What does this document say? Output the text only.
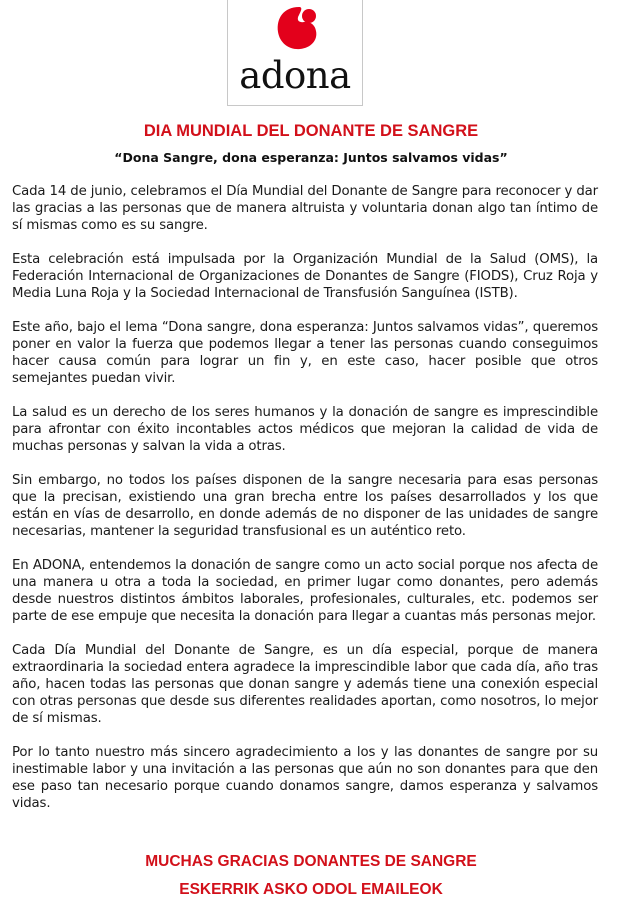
adona
DIA MUNDIAL DEL DONANTE DE SANGRE
“Dona Sangre, dona esperanza: Juntos salvamos vidas”

Cada 14 de junio, celebramos el Día Mundial del Donante de Sangre para reconocer y dar las gracias a las personas que de manera altruista y voluntaria donan algo tan íntimo de sí mismas como es su sangre.

Esta celebración está impulsada por la Organización Mundial de la Salud (OMS), la Federación Internacional de Organizaciones de Donantes de Sangre (FIODS), Cruz Roja y Media Luna Roja y la Sociedad Internacional de Transfusión Sanguínea (ISTB).

Este año, bajo el lema “Dona sangre, dona esperanza: Juntos salvamos vidas”, queremos poner en valor la fuerza que podemos llegar a tener las personas cuando conseguimos hacer causa común para lograr un fin y, en este caso, hacer posible que otros semejantes puedan vivir.

La salud es un derecho de los seres humanos y la donación de sangre es imprescindible para afrontar con éxito incontables actos médicos que mejoran la calidad de vida de muchas personas y salvan la vida a otras.

Sin embargo, no todos los países disponen de la sangre necesaria para esas personas que la precisan, existiendo una gran brecha entre los países desarrollados y los que están en vías de desarrollo, en donde además de no disponer de las unidades de sangre necesarias, mantener la seguridad transfusional es un auténtico reto.

En ADONA, entendemos la donación de sangre como un acto social porque nos afecta de una manera u otra a toda la sociedad, en primer lugar como donantes, pero además desde nuestros distintos ámbitos laborales, profesionales, culturales, etc. podemos ser parte de ese empuje que necesita la donación para llegar a cuantas más personas mejor.

Cada Día Mundial del Donante de Sangre, es un día especial, porque de manera extraordinaria la sociedad entera agradece la imprescindible labor que cada día, año tras año, hacen todas las personas que donan sangre y además tiene una conexión especial con otras personas que desde sus diferentes realidades aportan, como nosotros, lo mejor de sí mismas.

Por lo tanto nuestro más sincero agradecimiento a los y las donantes de sangre por su inestimable labor y una invitación a las personas que aún no son donantes para que den ese paso tan necesario porque cuando donamos sangre, damos esperanza y salvamos vidas.

MUCHAS GRACIAS DONANTES DE SANGRE
ESKERRIK ASKO ODOL EMAILEOK
